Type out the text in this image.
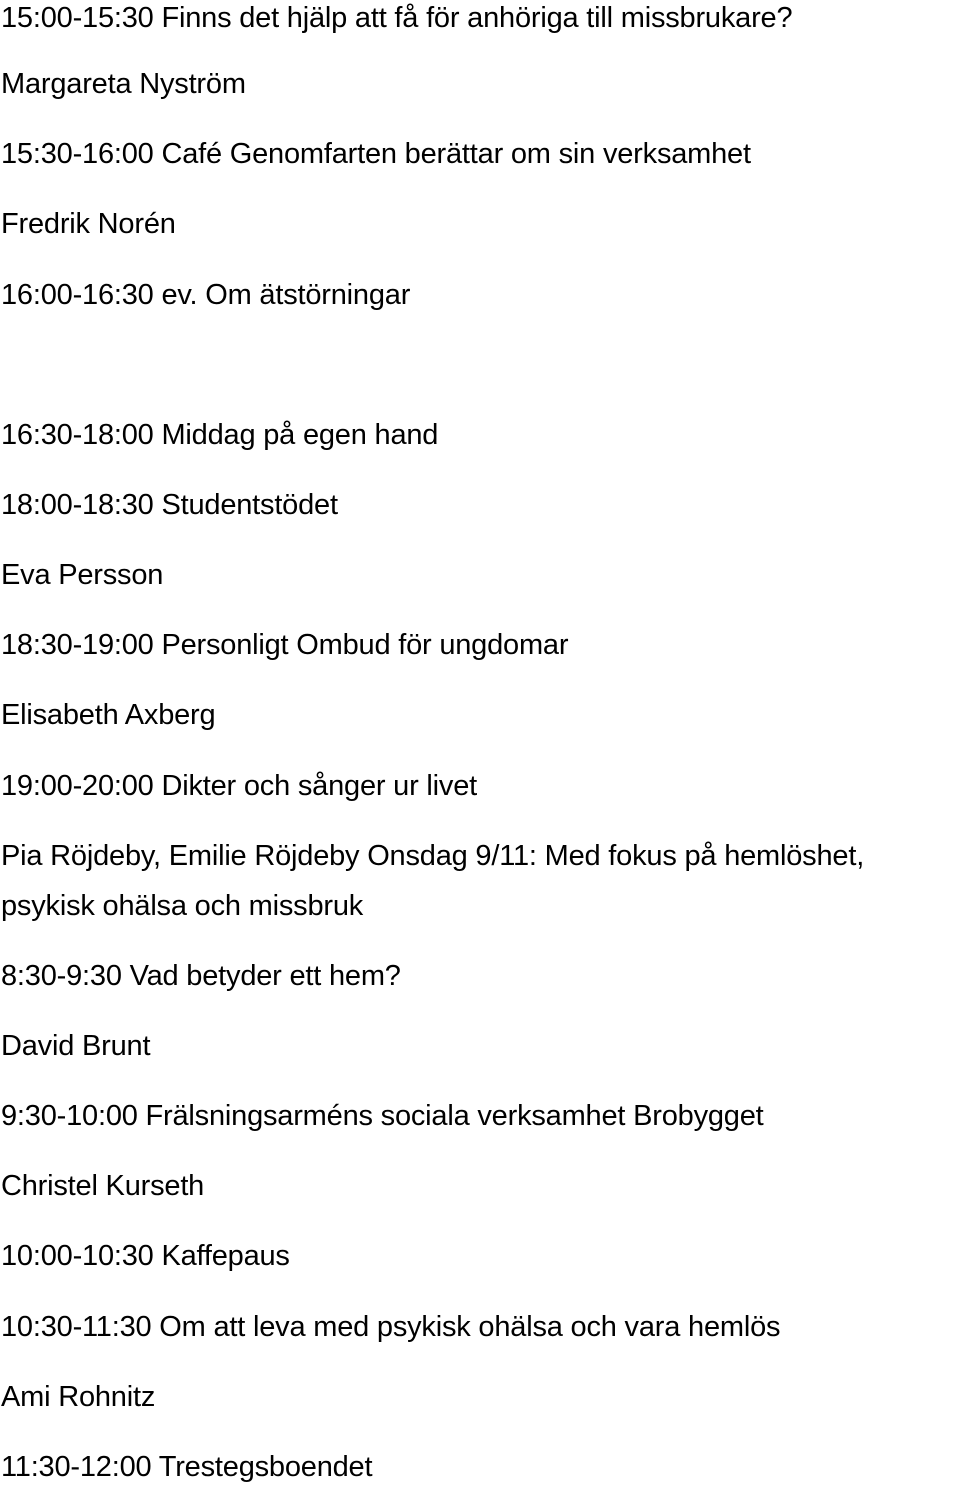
15:00-15:30 Finns det hjälp att få för anhöriga till missbrukare?

Margareta Nyström

15:30-16:00 Café Genomfarten berättar om sin verksamhet

Fredrik Norén

16:00-16:30 ev. Om ätstörningar

16:30-18:00 Middag på egen hand

18:00-18:30 Studentstödet

Eva Persson

18:30-19:00 Personligt Ombud för ungdomar

Elisabeth Axberg

19:00-20:00 Dikter och sånger ur livet

Pia Röjdeby, Emilie Röjdeby Onsdag 9/11: Med fokus på hemlöshet,

psykisk ohälsa och missbruk

8:30-9:30 Vad betyder ett hem?

David Brunt

9:30-10:00 Frälsningsarméns sociala verksamhet Brobygget

Christel Kurseth

10:00-10:30 Kaffepaus

10:30-11:30 Om att leva med psykisk ohälsa och vara hemlös

Ami Rohnitz

11:30-12:00 Trestegsboendet
